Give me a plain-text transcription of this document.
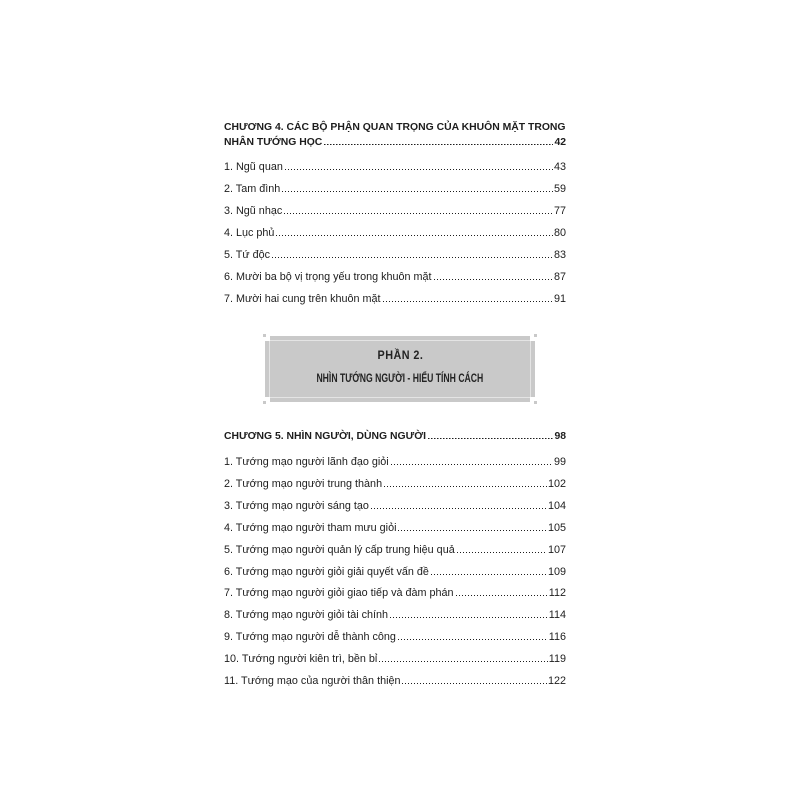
CHƯƠNG 4. CÁC BỘ PHẬN QUAN TRỌNG CỦA KHUÔN MẶT TRONG
NHÂN TƯỚNG HỌC	42
1. Ngũ quan	43
2. Tam đình	59
3. Ngũ nhạc	77
4. Lục phủ	80
5. Tứ độc	83
6. Mười ba bộ vị trọng yếu trong khuôn mặt	87
7. Mười hai cung trên khuôn mặt	91
PHẦN 2.
NHÌN TƯỚNG NGƯỜI - HIỂU TÍNH CÁCH
CHƯƠNG 5. NHÌN NGƯỜI, DÙNG NGƯỜI	98
1. Tướng mạo người lãnh đạo giỏi	99
2. Tướng mạo người trung thành	102
3. Tướng mạo người sáng tạo	104
4. Tướng mạo người tham mưu giỏi	105
5. Tướng mạo người quản lý cấp trung hiệu quả	107
6. Tướng mạo người giỏi giải quyết vấn đề	109
7. Tướng mạo người giỏi giao tiếp và đàm phán	112
8. Tướng mạo người giỏi tài chính	114
9. Tướng mạo người dễ thành công	116
10. Tướng người kiên trì, bền bỉ	119
11. Tướng mạo của người thân thiện	122
